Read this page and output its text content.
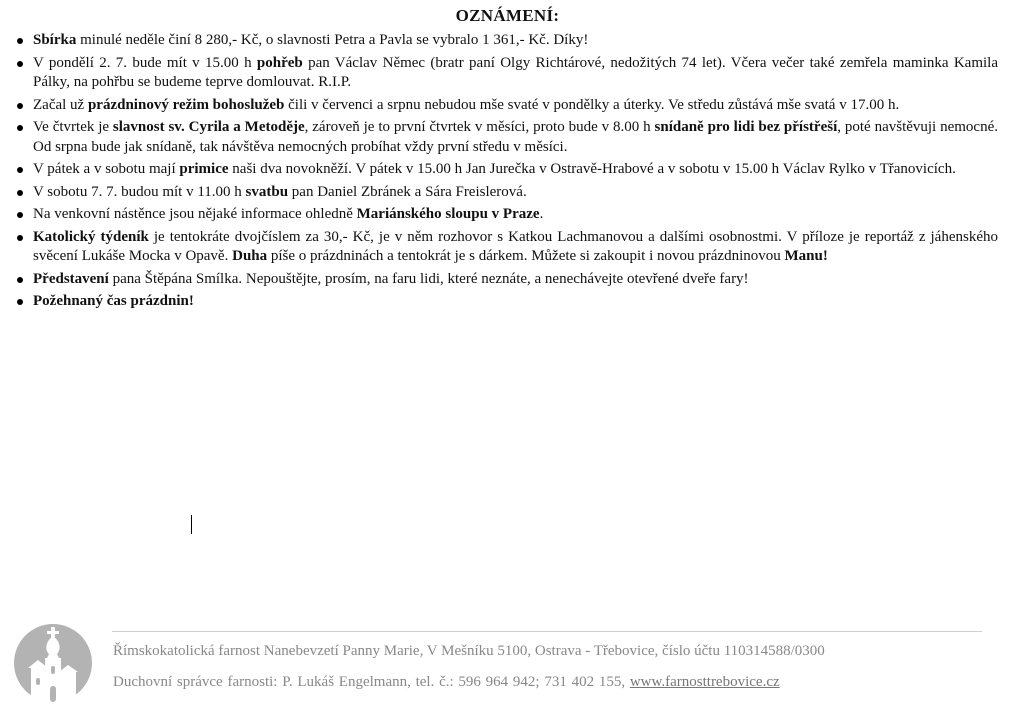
OZNÁMENÍ:
Sbírka minulé neděle činí 8 280,- Kč, o slavnosti Petra a Pavla se vybralo 1 361,- Kč. Díky!
V pondělí 2. 7. bude mít v 15.00 h pohřeb pan Václav Němec (bratr paní Olgy Richtárové, nedožitých 74 let). Včera večer také zemřela maminka Kamila Pálky, na pohřbu se budeme teprve domlouvat. R.I.P.
Začal už prázdninový režim bohoslužeb čili v červenci a srpnu nebudou mše svaté v pondělky a úterky. Ve středu zůstává mše svatá v 17.00 h.
Ve čtvrtek je slavnost sv. Cyrila a Metoděje, zároveň je to první čtvrtek v měsíci, proto bude v 8.00 h snídaně pro lidi bez přístřeší, poté navštěvuji nemocné. Od srpna bude jak snídaně, tak návštěva nemocných probíhat vždy první středu v měsíci.
V pátek a v sobotu mají primice naši dva novokněží. V pátek v 15.00 h Jan Jurečka v Ostravě-Hrabové a v sobotu v 15.00 h Václav Rylko v Třanovicích.
V sobotu 7. 7. budou mít v 11.00 h svatbu pan Daniel Zbránek a Sára Freislerová.
Na venkovní nástěnce jsou nějaké informace ohledně Mariánského sloupu v Praze.
Katolický týdeník je tentokráte dvojčíslem za 30,- Kč, je v něm rozhovor s Katkou Lachmanovou a dalšími osobnostmi. V příloze je reportáž z jáhenského svěcení Lukáše Mocka v Opavě. Duha píše o prázdninách a tentokrát je s dárkem. Můžete si zakoupit i novou prázdninovou Manu!
Představení pana Štěpána Smílka. Nepouštějte, prosím, na faru lidi, které neznáte, a nenechávejte otevřené dveře fary!
Požehnaný čas prázdnin!
Římskokatolická farnost Nanebevzetí Panny Marie, V Mešníku 5100, Ostrava - Třebovice, číslo účtu 110314588/0300
Duchovní správce farnosti: P. Lukáš Engelmann, tel. č.: 596 964 942; 731 402 155, www.farnosttrebovice.cz
